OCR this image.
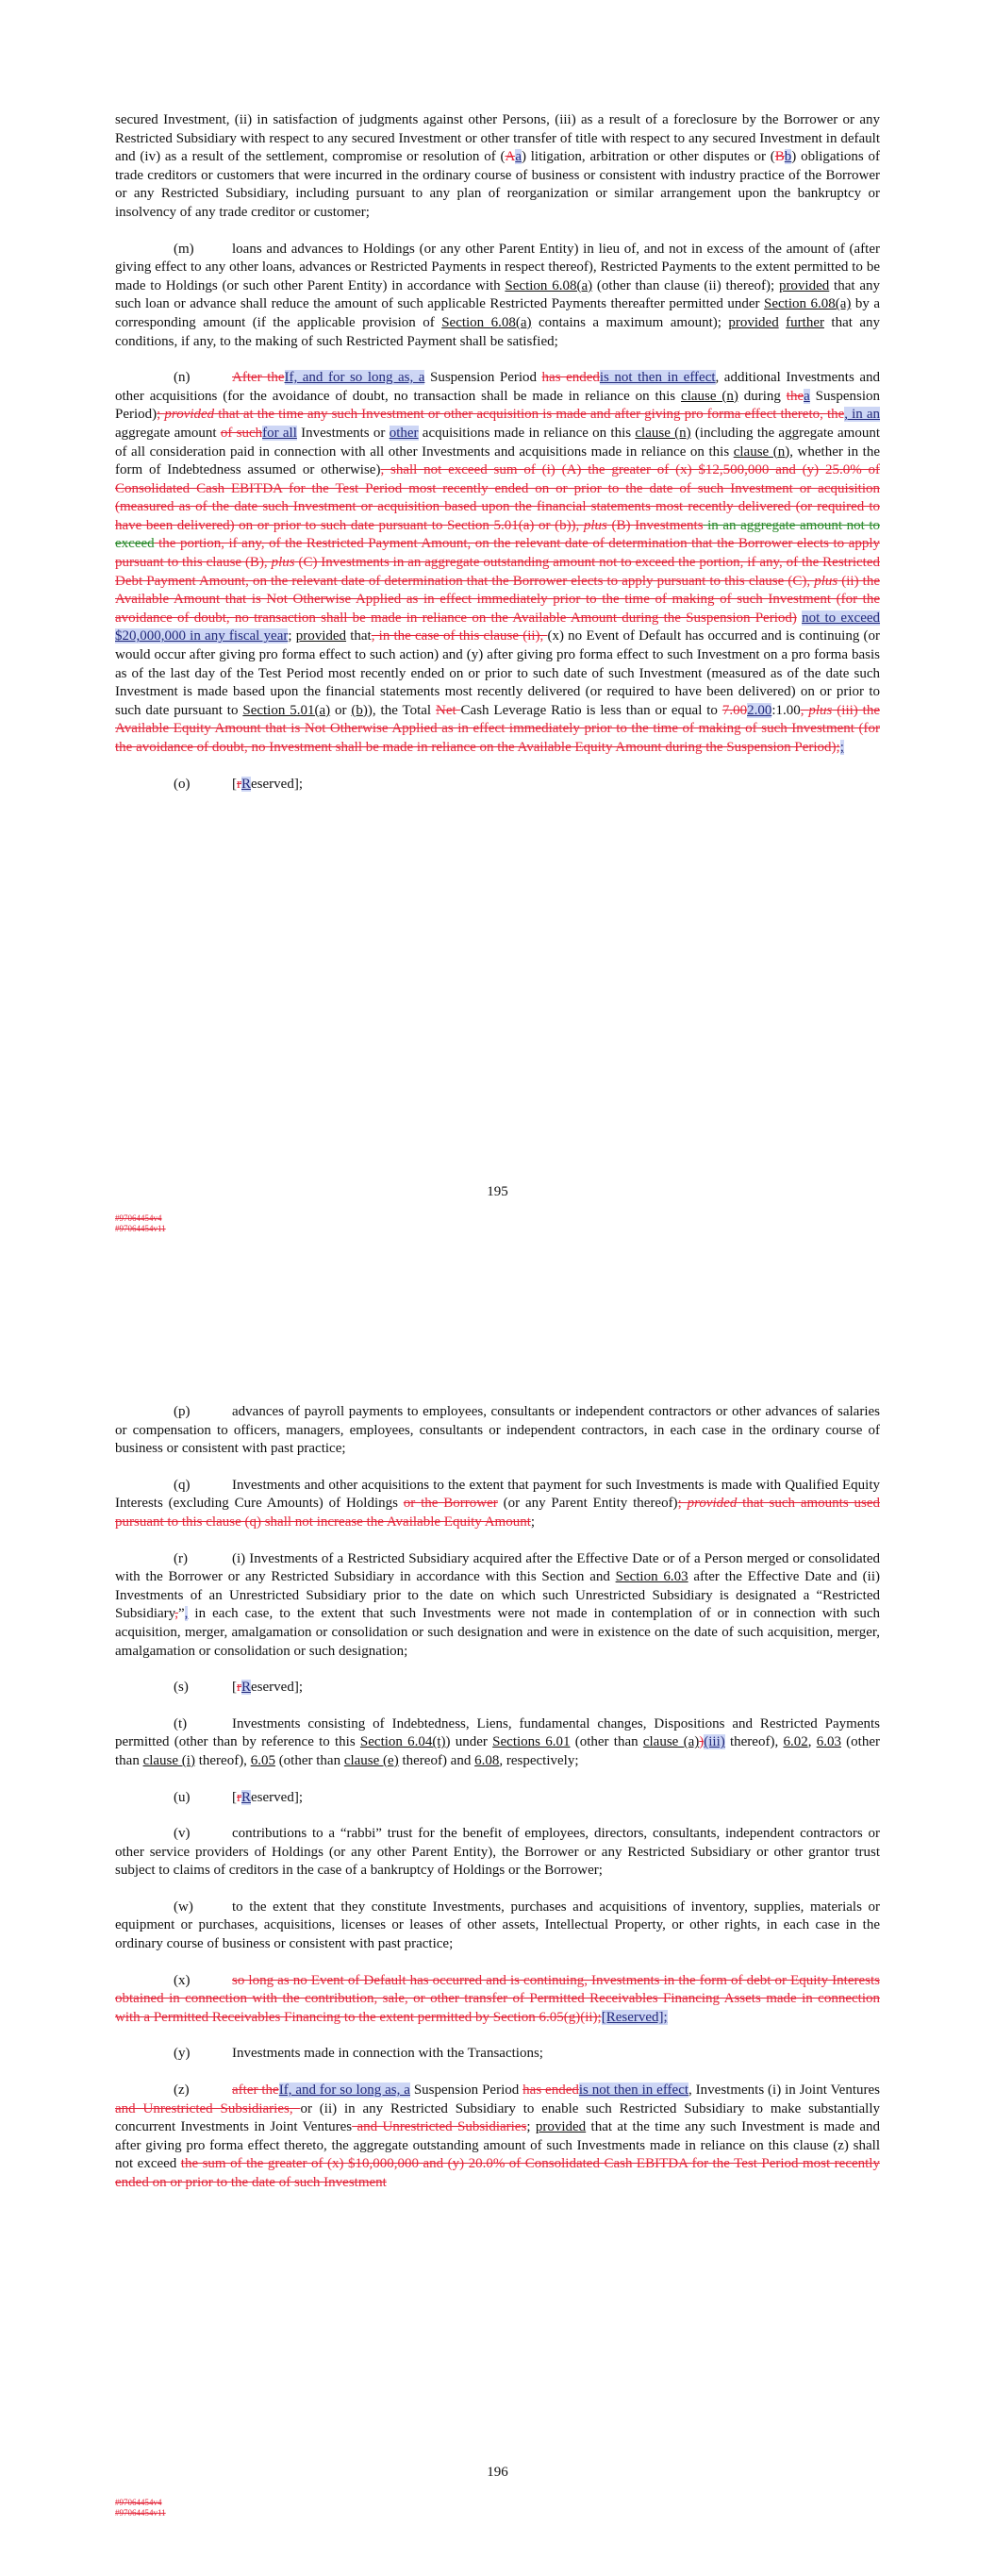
secured Investment, (ii) in satisfaction of judgments against other Persons, (iii) as a result of a foreclosure by the Borrower or any Restricted Subsidiary with respect to any secured Investment or other transfer of title with respect to any secured Investment in default and (iv) as a result of the settlement, compromise or resolution of (Aa) litigation, arbitration or other disputes or (Bb) obligations of trade creditors or customers that were incurred in the ordinary course of business or consistent with industry practice of the Borrower or any Restricted Subsidiary, including pursuant to any plan of reorganization or similar arrangement upon the bankruptcy or insolvency of any trade creditor or customer;

(m)	loans and advances to Holdings (or any other Parent Entity) in lieu of, and not in excess of the amount of (after giving effect to any other loans, advances or Restricted Payments in respect thereof), Restricted Payments to the extent permitted to be made to Holdings (or such other Parent Entity) in accordance with Section 6.08(a) (other than clause (ii) thereof); provided that any such loan or advance shall reduce the amount of such applicable Restricted Payments thereafter permitted under Section 6.08(a) by a corresponding amount (if the applicable provision of Section 6.08(a) contains a maximum amount); provided further that any conditions, if any, to the making of such Restricted Payment shall be satisfied;

(n)	After theIf, and for so long as, a Suspension Period has endedis not then in effect, additional Investments and other acquisitions (for the avoidance of doubt, no transaction shall be made in reliance on this clause (n) during thea Suspension Period); provided that at the time any such Investment or other acquisition is made and after giving pro forma effect thereto, the, in an aggregate amount of suchfor all Investments or other acquisitions made in reliance on this clause (n) (including the aggregate amount of all consideration paid in connection with all other Investments and acquisitions made in reliance on this clause (n), whether in the form of Indebtedness assumed or otherwise), shall not exceed sum of (i) (A) the greater of (x) $12,500,000 and (y) 25.0% of Consolidated Cash EBITDA for the Test Period most recently ended on or prior to the date of such Investment or acquisition (measured as of the date such Investment or acquisition based upon the financial statements most recently delivered (or required to have been delivered) on or prior to such date pursuant to Section 5.01(a) or (b)), plus (B) Investments in an aggregate amount not to exceed the portion, if any, of the Restricted Payment Amount, on the relevant date of determination that the Borrower elects to apply pursuant to this clause (B), plus (C) Investments in an aggregate outstanding amount not to exceed the portion, if any, of the Restricted Debt Payment Amount, on the relevant date of determination that the Borrower elects to apply pursuant to this clause (C), plus (ii) the Available Amount that is Not Otherwise Applied as in effect immediately prior to the time of making of such Investment (for the avoidance of doubt, no transaction shall be made in reliance on the Available Amount during the Suspension Period) not to exceed $20,000,000 in any fiscal year; provided that, in the case of this clause (ii), (x) no Event of Default has occurred and is continuing (or would occur after giving pro forma effect to such action) and (y) after giving pro forma effect to such Investment on a pro forma basis as of the last day of the Test Period most recently ended on or prior to such date of such Investment (measured as of the date such Investment is made based upon the financial statements most recently delivered (or required to have been delivered) on or prior to such date pursuant to Section 5.01(a) or (b)), the Total Net Cash Leverage Ratio is less than or equal to 7.002.00:1.00, plus (iii) the Available Equity Amount that is Not Otherwise Applied as in effect immediately prior to the time of making of such Investment (for the avoidance of doubt, no Investment shall be made in reliance on the Available Equity Amount during the Suspension Period);;

(o)	[rReserved];

195
#97064454v4
#97064454v11

(p)	advances of payroll payments to employees, consultants or independent contractors or other advances of salaries or compensation to officers, managers, employees, consultants or independent contractors, in each case in the ordinary course of business or consistent with past practice;

(q)	Investments and other acquisitions to the extent that payment for such Investments is made with Qualified Equity Interests (excluding Cure Amounts) of Holdings or the Borrower (or any Parent Entity thereof); provided that such amounts used pursuant to this clause (q) shall not increase the Available Equity Amount;

(r)	(i) Investments of a Restricted Subsidiary acquired after the Effective Date or of a Person merged or consolidated with the Borrower or any Restricted Subsidiary in accordance with this Section and Section 6.03 after the Effective Date and (ii) Investments of an Unrestricted Subsidiary prior to the date on which such Unrestricted Subsidiary is designated a “Restricted Subsidiary,”, in each case, to the extent that such Investments were not made in contemplation of or in connection with such acquisition, merger, amalgamation or consolidation or such designation and were in existence on the date of such acquisition, merger, amalgamation or consolidation or such designation;

(s)	[rReserved];

(t)	Investments consisting of Indebtedness, Liens, fundamental changes, Dispositions and Restricted Payments permitted (other than by reference to this Section 6.04(t)) under Sections 6.01 (other than clause (a))(iii) thereof), 6.02, 6.03 (other than clause (i) thereof), 6.05 (other than clause (e) thereof) and 6.08, respectively;

(u)	[rReserved];

(v)	contributions to a “rabbi” trust for the benefit of employees, directors, consultants, independent contractors or other service providers of Holdings (or any other Parent Entity), the Borrower or any Restricted Subsidiary or other grantor trust subject to claims of creditors in the case of a bankruptcy of Holdings or the Borrower;

(w)	to the extent that they constitute Investments, purchases and acquisitions of inventory, supplies, materials or equipment or purchases, acquisitions, licenses or leases of other assets, Intellectual Property, or other rights, in each case in the ordinary course of business or consistent with past practice;

(x)	so long as no Event of Default has occurred and is continuing, Investments in the form of debt or Equity Interests obtained in connection with the contribution, sale, or other transfer of Permitted Receivables Financing Assets made in connection with a Permitted Receivables Financing to the extent permitted by Section 6.05(g)(ii);[Reserved];

(y)	Investments made in connection with the Transactions;

(z)	after theIf, and for so long as, a Suspension Period has endedis not then in effect, Investments (i) in Joint Ventures and Unrestricted Subsidiaries, or (ii) in any Restricted Subsidiary to enable such Restricted Subsidiary to make substantially concurrent Investments in Joint Ventures and Unrestricted Subsidiaries; provided that at the time any such Investment is made and after giving pro forma effect thereto, the aggregate outstanding amount of such Investments made in reliance on this clause (z) shall not exceed the sum of the greater of (x) $10,000,000 and (y) 20.0% of Consolidated Cash EBITDA for the Test Period most recently ended on or prior to the date of such Investment

196
#97064454v4
#97064454v11
